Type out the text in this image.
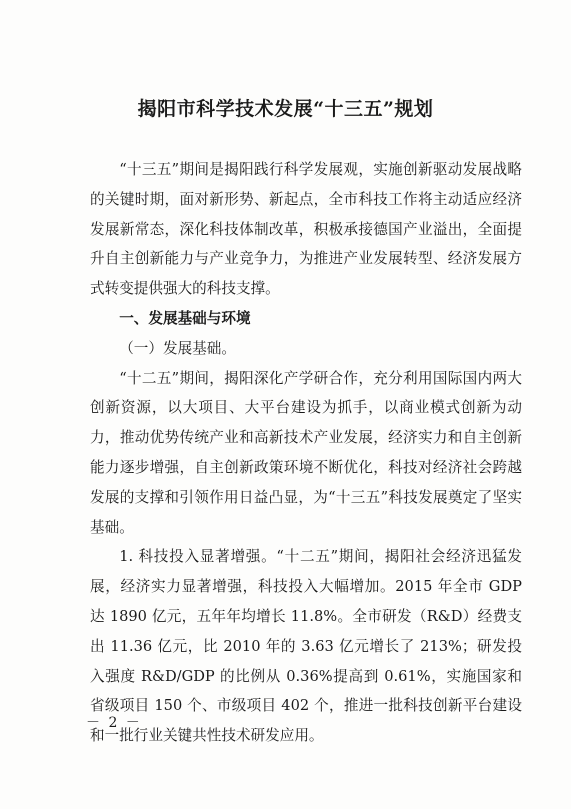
揭阳市科学技术发展“十三五”规划

“十三五”期间是揭阳践行科学发展观，实施创新驱动发展战略的关键时期，面对新形势、新起点，全市科技工作将主动适应经济发展新常态，深化科技体制改革，积极承接德国产业溢出，全面提升自主创新能力与产业竞争力，为推进产业发展转型、经济发展方式转变提供强大的科技支撑。

一、发展基础与环境

（一）发展基础。

“十二五”期间，揭阳深化产学研合作，充分利用国际国内两大创新资源，以大项目、大平台建设为抓手，以商业模式创新为动力，推动优势传统产业和高新技术产业发展，经济实力和自主创新能力逐步增强，自主创新政策环境不断优化，科技对经济社会跨越发展的支撑和引领作用日益凸显，为“十三五”科技发展奠定了坚实基础。

1. 科技投入显著增强。“十二五”期间，揭阳社会经济迅猛发展，经济实力显著增强，科技投入大幅增加。2015 年全市 GDP 达 1890 亿元，五年年均增长 11.8%。全市研发（R&D）经费支出 11.36 亿元，比 2010 年的 3.63 亿元增长了 213%；研发投入强度 R&D/GDP 的比例从 0.36%提高到 0.61%，实施国家和省级项目 150 个、市级项目 402 个，推进一批科技创新平台建设和一批行业关键共性技术研发应用。

－ 2 －
